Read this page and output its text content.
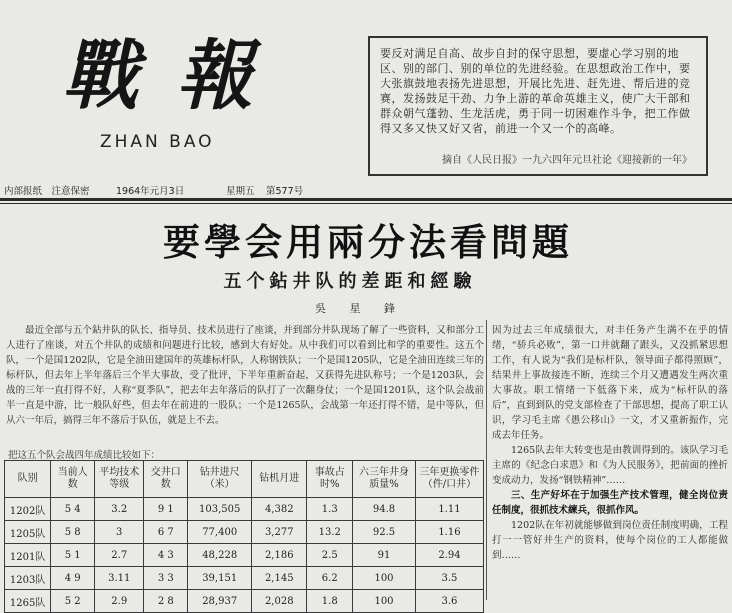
戰 報
ZHAN BAO
要反对满足自高、故步自封的保守思想，要虚心学习别的地区、别的部门、别的单位的先进经验。在思想政治工作中，要大张旗鼓地表扬先进思想，开展比先进、赶先进、帮后进的竞赛，发扬鼓足干劲、力争上游的革命英雄主义，使广大干部和群众朝气蓬勃、生龙活虎，勇于同一切困难作斗争，把工作做得又多又快又好又省，前进一个又一个的高峰。
摘自《人民日报》一九六四年元旦社论《迎接新的一年》
内部报纸　注意保密	1964年元月3日	星期五 第577号
要學会用兩分法看問題
五个鉆井队的差距和經驗
吳 星 鋒
最近全部与五个鉆井队的队长、指导员、技术员进行了座谈，并到部分井队现场了解了一些资料，又和部分工人进行了座谈，对五个井队的成绩和问题进行比较，感到大有好处。从中我们可以看到比和学的重要性。这五个队，一个是国1202队，它是全油田建国年的英雄标杆队，人称钢铁队；一个是国1205队，它是全油田连续三年的标杆队，但去年上半年落后三个半大事故，受了批评，下半年重新奋起，又获得先进队称号；一个是1203队，会战的三年一直打得不好，人称“夏季队”，把去年去年落后的队打了一次翻身仗；一个是国1201队，这个队会战前半一直是中游，比一般队好些，但去年在前进的一股队；一个是1265队，会战第一年还打得不错，是中等队，但从六一年后，搞得三年不落后于队伍，就是上不去。
把这五个队会战四年成绩比较如下：
队别	当前人数	平均技术等级	交井口数	钻井进尺（米）	钻机月进	事故占时%	六三年井身质量%	三年更换零件（件/口井）
1202队	5 4	3.2	9 1	103,505	4,382	1.3	94.8	1.11
1205队	5 8	3	6 7	77,400	3,277	13.2	92.5	1.16
1201队	5 1	2.7	4 3	48,228	2,186	2.5	91	2.94
1203队	4 9	3.11	3 3	39,151	2,145	6.2	100	3.5
1265队	5 2	2.9	2 8	28,937	2,028	1.8	100	3.6
因为过去三年成绩很大，对丰任务产生满不在乎的情绪，“骄兵必败”，第一口井就翻了跟头，又没抓紧思想工作，有人说为“我们是标杆队，领导面子都得照顾”，结果井上事故接连不断，连续三个月又遭遇发生两次重大事故。职工情绪一下低落下来，成为“标杆队的落后”，直到到队的党支部检查了干部思想，提高了职工认识，学习毛主席《愚公移山》一文，才又重新振作，完成去年任务。
1265队去年大转变也是由教训得到的。该队学习毛主席的《纪念白求恩》和《为人民服务》，把前面的挫折变成动力，发扬“钢铁精神”……
三、生产好坏在于加强生产技术管理，健全岗位责任制度，很抓技术練兵，很抓作风。
1202队在年初就能够做到岗位责任制度明确，工程打一一管好井生产的资料，使每个岗位的工人都能做到……
